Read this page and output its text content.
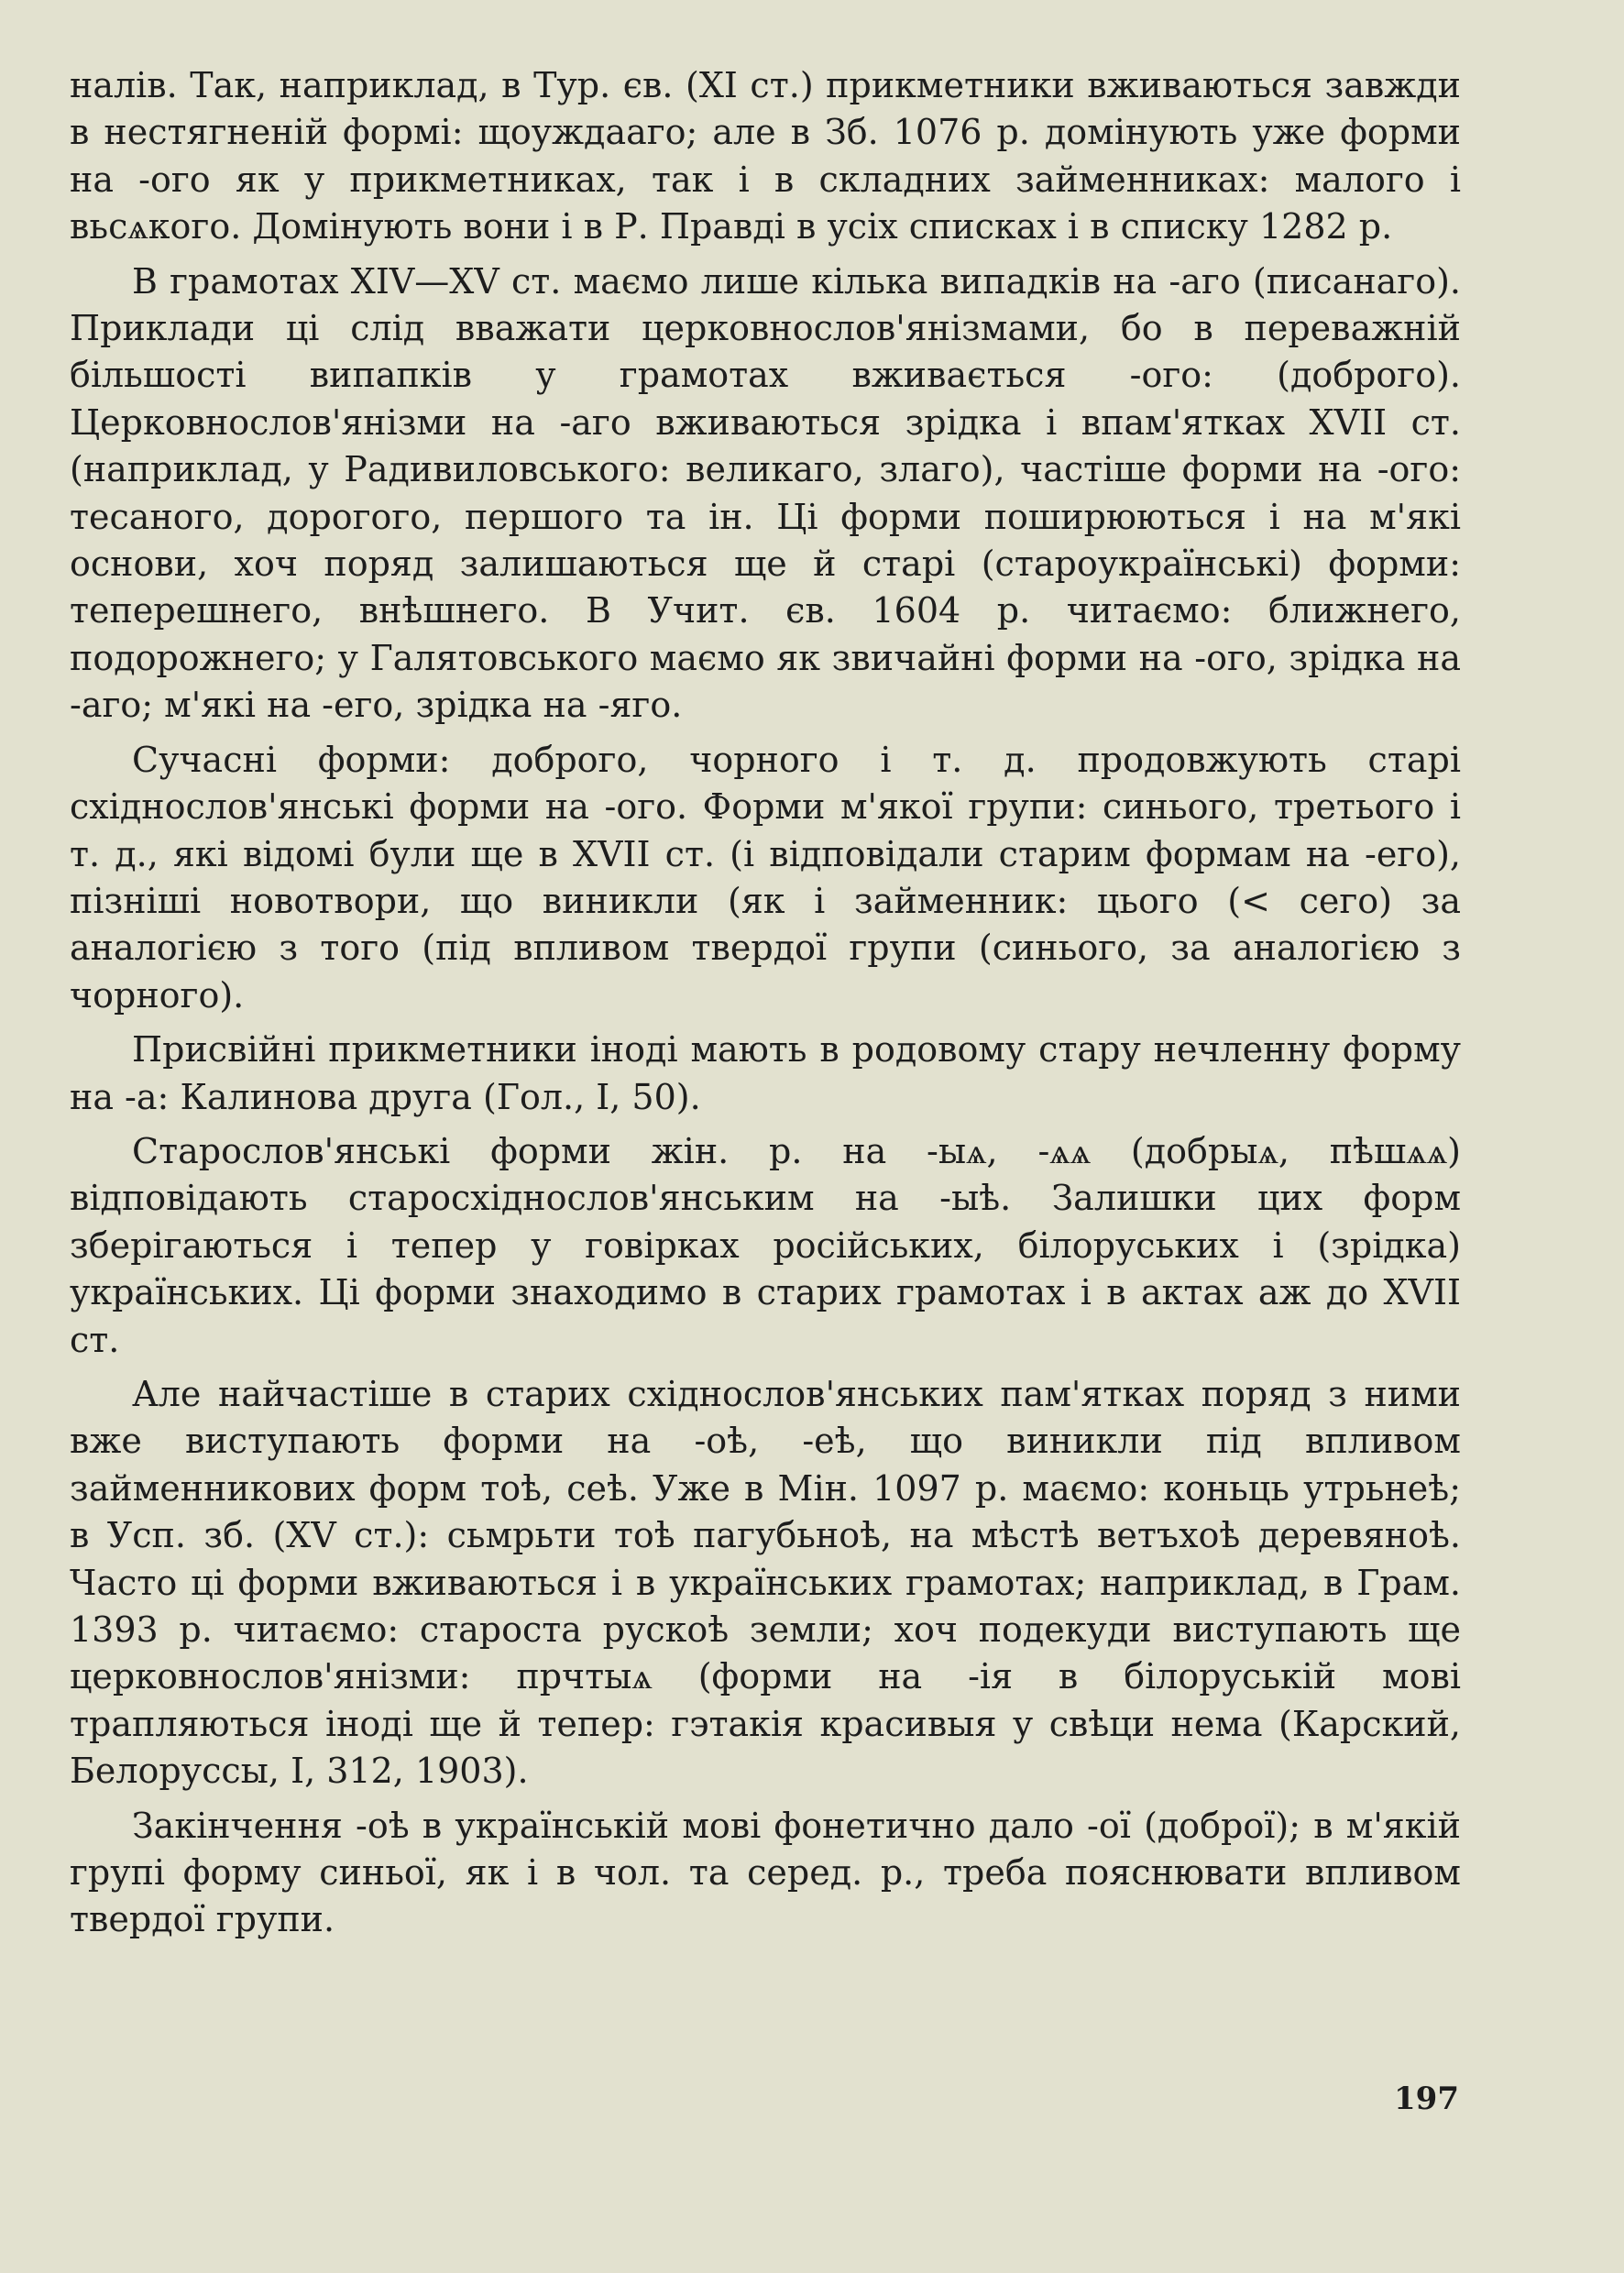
налів. Так, наприклад, в Тур. єв. (XI ст.) прикметники вживаються завжди в нестягненій формі: щоуждааго; але в Зб. 1076 р. домінують уже форми на -ого як у прикметниках, так і в складних займенниках: малого і вьсѧкого. Домінують вони і в Р. Правді в усіх списках і в списку 1282 р.

В грамотах XIV—XV ст. маємо лише кілька випадків на -аго (писанаго). Приклади ці слід вважати церковнослов'янізмами, бо в переважній більшості випапків у грамотах вживається -ого: (доброго). Церковнослов'янізми на -аго вживаються зрідка і впам'ятках XVII ст. (наприклад, у Радивиловського: великаго, злаго), частіше форми на -ого: тесаного, дорогого, першого та ін. Ці форми поширюються і на м'які основи, хоч поряд залишаються ще й старі (староукраїнські) форми: теперешнего, внѣшнего. В Учит. єв. 1604 р. читаємо: ближнего, подорожнего; у Галятовського маємо як звичайні форми на -ого, зрідка на -аго; м'які на -его, зрідка на -яго.

Сучасні форми: доброго, чорного і т. д. продовжують старі східнослов'янські форми на -ого. Форми м'якої групи: синього, третього і т. д., які відомі були ще в XVII ст. (і відповідали старим формам на -его), пізніші новотвори, що виникли (як і займенник: цього (< сего) за аналогією з того (під впливом твердої групи (синього, за аналогією з чорного).

Присвійні прикметники іноді мають в родовому стару нечленну форму на -а: Калинова друга (Гол., І, 50).

Старослов'янські форми жін. р. на -ыѧ, -ѧѧ (добрыѧ, пѣшѧѧ) відповідають старосхіднослов'янським на -ыѣ. Залишки цих форм зберігаються і тепер у говірках російських, білоруських і (зрідка) українських. Ці форми знаходимо в старих грамотах і в актах аж до XVII ст.

Але найчастіше в старих східнослов'янських пам'ятках поряд з ними вже виступають форми на -оѣ, -еѣ, що виникли під впливом займенникових форм тоѣ, сеѣ. Уже в Мін. 1097 р. маємо: коньць утрьнеѣ; в Усп. зб. (XV ст.): сьмрьти тоѣ пагубьноѣ, на мѣстѣ ветъхоѣ деревяноѣ. Часто ці форми вживаються і в українських грамотах; наприклад, в Грам. 1393 р. читаємо: староста рускоѣ земли; хоч подекуди виступають ще церковнослов'янізми: прчтыѧ (форми на -ія в білоруській мові трапляються іноді ще й тепер: гэтакія красивыя у свѣци нема (Карский, Белоруссы, І, 312, 1903).

Закінчення -оѣ в українській мові фонетично дало -ої (доброї); в м'якій групі форму синьої, як і в чол. та серед. р., треба пояснювати впливом твердої групи.

197
